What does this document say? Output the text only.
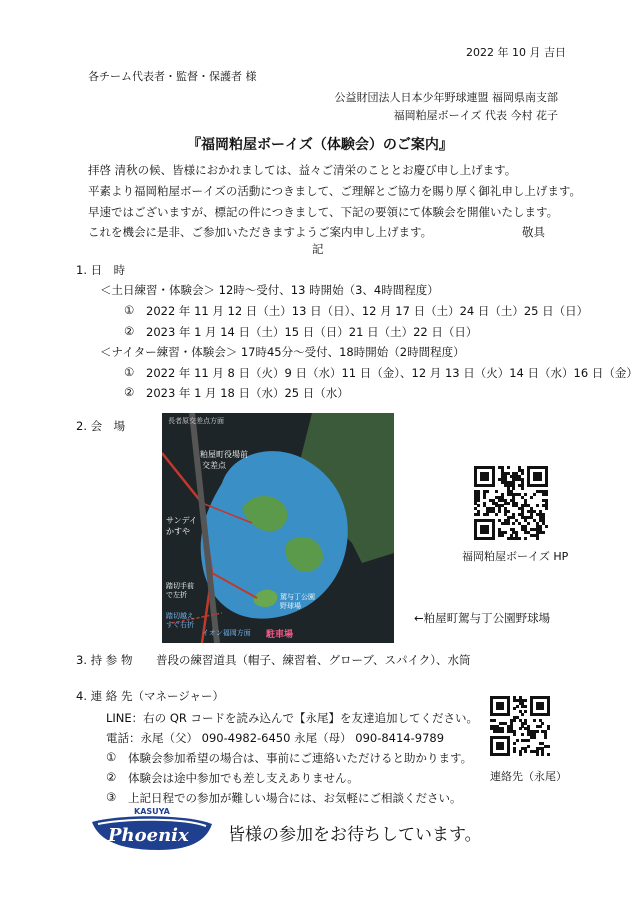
2022 年 10 月 吉日
各チーム代表者・監督・保護者 様
公益財団法人日本少年野球連盟 福岡県南支部
福岡粕屋ボーイズ 代表 今村 花子
『福岡粕屋ボーイズ（体験会）のご案内』
拝啓 清秋の候、皆様におかれましては、益々ご清栄のこととお慶び申し上げます。
平素より福岡粕屋ボーイズの活動につきまして、ご理解とご協力を賜り厚く御礼申し上げます。
早速ではございますが、標記の件につきまして、下記の要領にて体験会を開催いたします。
これを機会に是非、ご参加いただきますようご案内申し上げます。	敬具
記
1. 日　時
＜土日練習・体験会＞ 12時～受付、13 時開始（3、4時間程度）
① 2022 年 11 月 12 日（土）13 日（日）、12 月 17 日（土）24 日（土）25 日（日）
② 2023 年 1 月 14 日（土）15 日（日）21 日（土）22 日（日）
＜ナイター練習・体験会＞ 17時45分～受付、18時開始（2時間程度）
① 2022 年 11 月 8 日（火）9 日（水）11 日（金）、12 月 13 日（火）14 日（水）16 日（金）
② 2023 年 1 月 18 日（水）25 日（水）
2. 会　場	長者原交差点方面
粕屋町役場前
交差点
サンデイ
かすや
踏切手前
で左折
踏切越え
すぐ右折
イオン福岡方面
駕与丁公園
野球場
駐車場
←粕屋町駕与丁公園野球場
福岡粕屋ボーイズ HP
3. 持 参 物 普段の練習道具（帽子、練習着、グローブ、スパイク）、水筒
4. 連 絡 先（マネージャー）
LINE：右の QR コードを読み込んで【永尾】を友達追加してください。
電話：永尾（父） 090-4982-6450 永尾（母） 090-8414-9789
① 体験会参加希望の場合は、事前にご連絡いただけると助かります。
② 体験会は途中参加でも差し支えありません。
③ 上記日程での参加が難しい場合には、お気軽にご相談ください。
連絡先（永尾）
KASUYA
Phoenix 皆様の参加をお待ちしています。
